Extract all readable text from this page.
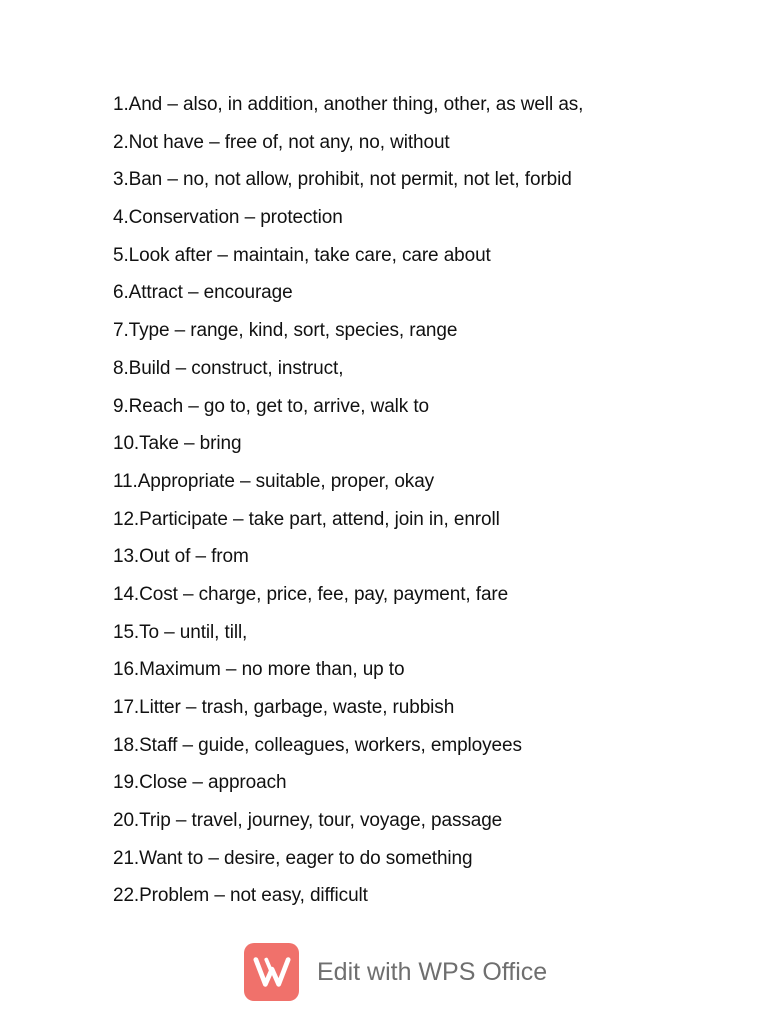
1.And – also, in addition, another thing, other, as well as,
2.Not have – free of, not any, no, without
3.Ban – no, not allow, prohibit, not permit, not let, forbid
4.Conservation – protection
5.Look after – maintain, take care, care about
6.Attract – encourage
7.Type – range, kind, sort, species, range
8.Build – construct, instruct,
9.Reach – go to, get to, arrive, walk to
10.Take – bring
11.Appropriate – suitable, proper, okay
12.Participate – take part, attend, join in, enroll
13.Out of – from
14.Cost – charge, price, fee, pay, payment, fare
15.To – until, till,
16.Maximum – no more than, up to
17.Litter – trash, garbage, waste, rubbish
18.Staff – guide, colleagues, workers, employees
19.Close – approach
20.Trip – travel, journey, tour, voyage, passage
21.Want to – desire, eager to do something
22.Problem – not easy, difficult
Edit with WPS Office
